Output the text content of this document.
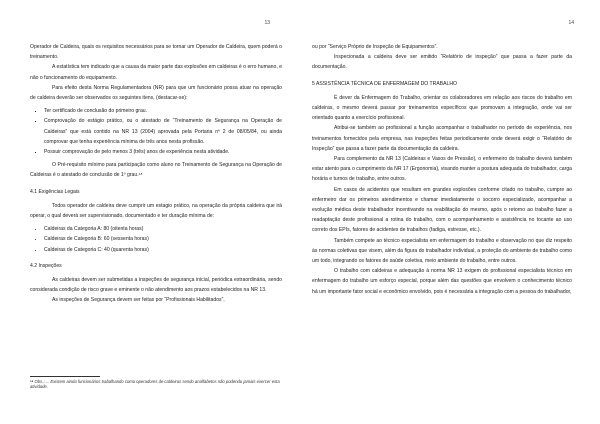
13

Operador de Caldeira, quais os requisitos necessários para se tornar um Operador de Caldeira, quem poderá o treinamento.

A estatística tem indicado que a causa da maior parte das explosões em caldeiras é o erro humano, e não o funcionamento do equipamento.

Para efeito desta Norma Regulamentadora (NR) para que um funcionário possa atuar na operação de caldeira deverão ser observados os seguintes itens, (destacar-se):

▪ Ter certificado de conclusão do primeiro grau.
▪ Comprovação do estágio prático, ou o atestado de “Treinamento de Segurança na Operação de Caldeiras” que está contido na NR 13 (2004) aprovada pela Portaria nº 2 de 08/05/84, ou ainda comprovar que tenha experiência mínima de três anos nesta profissão.
▪ Possuir comprovação de pelo menos 3 (três) anos de experiência nesta atividade.

O Pré-requisito mínimo para participação como aluno no Treinamento de Segurança na Operação de Caldeiras é o atestado de conclusão de 1º grau.¹⁸

4.1 Exigências Legais

Todos operador de caldeira deve cumprir um estagio prático, na operação da própria caldeira que irá operar, o qual deverá ser supervisionado, documentado e ter duração mínima de:

• Caldeiras da Categoria A: 80 (oitenta horas)
• Caldeiras de Categoria B: 60 (sessenta horas)
• Caldeiras de Categoria C: 40 (quarenta horas)
4.2 Inspeções

As caldeiras devem ser submetidas a inspeções de segurança inicial, periódica extraordinária, sendo considerada condição de risco grave e eminente o não atendimento aos prazos estabelecidos na NR 13.

As inspeções de Segurança devem ser feitas por “Profissionais Habilitados”,

¹⁸ Obs.:.... Existem ainda funcionários trabalhando como operadores de caldeiras sendo analfabetos não podendo jamais exercer esta atividade.
14

ou por “Serviço Próprio de Inspeção de Equipamentos”.

Inspecionada a caldeira deve ser emitido “Relatório de inspeção” que passa a fazer parte da documentação.

5 ASSISTÊNCIA TÉCNICA DE ENFERMAGEM DO TRABALHO

É dever da Enfermagem do Trabalho, orientar os colaboradores em relação aos riscos do trabalho em caldeiras, o mesmo deverá passar por treinamentos específicos que promovam a integração, onde vai ser orientado quanto a exercício profissional.

Atribui-se também ao profissional a função acompanhar o trabalhador no período de experiência, nos treinamentos fornecidos pela empresa, nas inspeções feitas periodicamente onde deverá exigir o “Relatório de Inspeção” que passa a fazer parte da documentação da caldeira.

Para complemento da NR 13 (Caldeiras e Vasos de Pressão), o enfermeiro do trabalho deverá também estar atento para o cumprimento da NR 17 (Ergonomia), visando manter a postura adequada do trabalhador, carga horária e turnos de trabalho, entre outros.

Em casos de acidentes que resultam em grandes explosões conforme citado no trabalho, cumpre ao enfermeiro dar os primeiros atendimentos e chamar imediatamente o socorro especializado, acompanhar a evolução médica deste trabalhador incentivando na reabilitação do mesmo, após o retorno ao trabalho fazer a readaptação deste profissional a rotina do trabalho, com o acompanhamento e assistência no tocante ao uso correto dos EPIs, fatores de acidentes de trabalhos (fadiga, estresse, etc.).

Também compete ao técnico especialista em enfermagem do trabalho e observação no que diz respeito às normas coletivas que visem, além da figura do trabalhador individual, a proteção do ambiente de trabalho como um todo, integrando os fatores de saúde coletiva, meio ambiente do trabalho, entre outros.

O trabalho com caldeiras e adequação à norma NR 13 exigem do profissional especialista técnico em enfermagem do trabalho um esforço especial, porque além das questões que envolvem o conhecimento técnico há um importante fator social e econômico envolvido, pois é necessária a integração com a pessoa do trabalhador,
